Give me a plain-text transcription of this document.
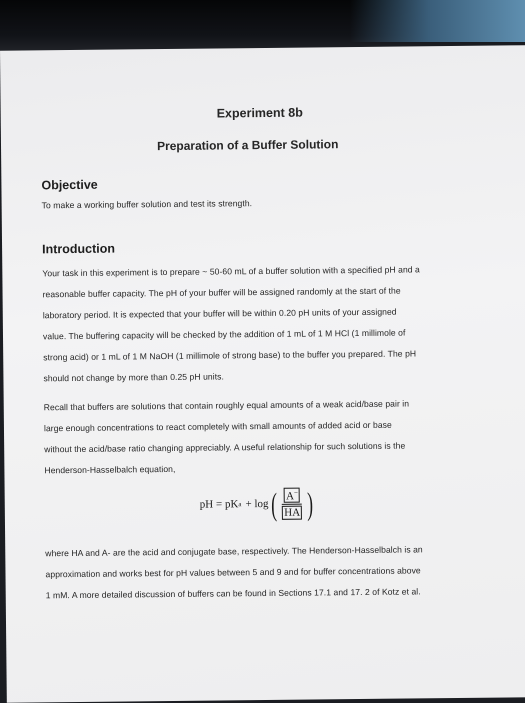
Experiment 8b
Preparation of a Buffer Solution
Objective
To make a working buffer solution and test its strength.
Introduction
Your task in this experiment is to prepare ~ 50-60 mL of a buffer solution with a specified pH and a
reasonable buffer capacity. The pH of your buffer will be assigned randomly at the start of the
laboratory period. It is expected that your buffer will be within 0.20 pH units of your assigned
value. The buffering capacity will be checked by the addition of 1 mL of 1 M HCl (1 millimole of
strong acid) or 1 mL of 1 M NaOH (1 millimole of strong base) to the buffer you prepared. The pH
should not change by more than 0.25 pH units.
Recall that buffers are solutions that contain roughly equal amounts of a weak acid/base pair in
large enough concentrations to react completely with small amounts of added acid or base
without the acid/base ratio changing appreciably. A useful relationship for such solutions is the
Henderson-Hasselbalch equation,
pH = pK a + log ( $\frac{A^-}{HA}$ )
where HA and A- are the acid and conjugate base, respectively. The Henderson-Hasselbalch is an
approximation and works best for pH values between 5 and 9 and for buffer concentrations above
1 mM. A more detailed discussion of buffers can be found in Sections 17.1 and 17. 2 of Kotz et al.
